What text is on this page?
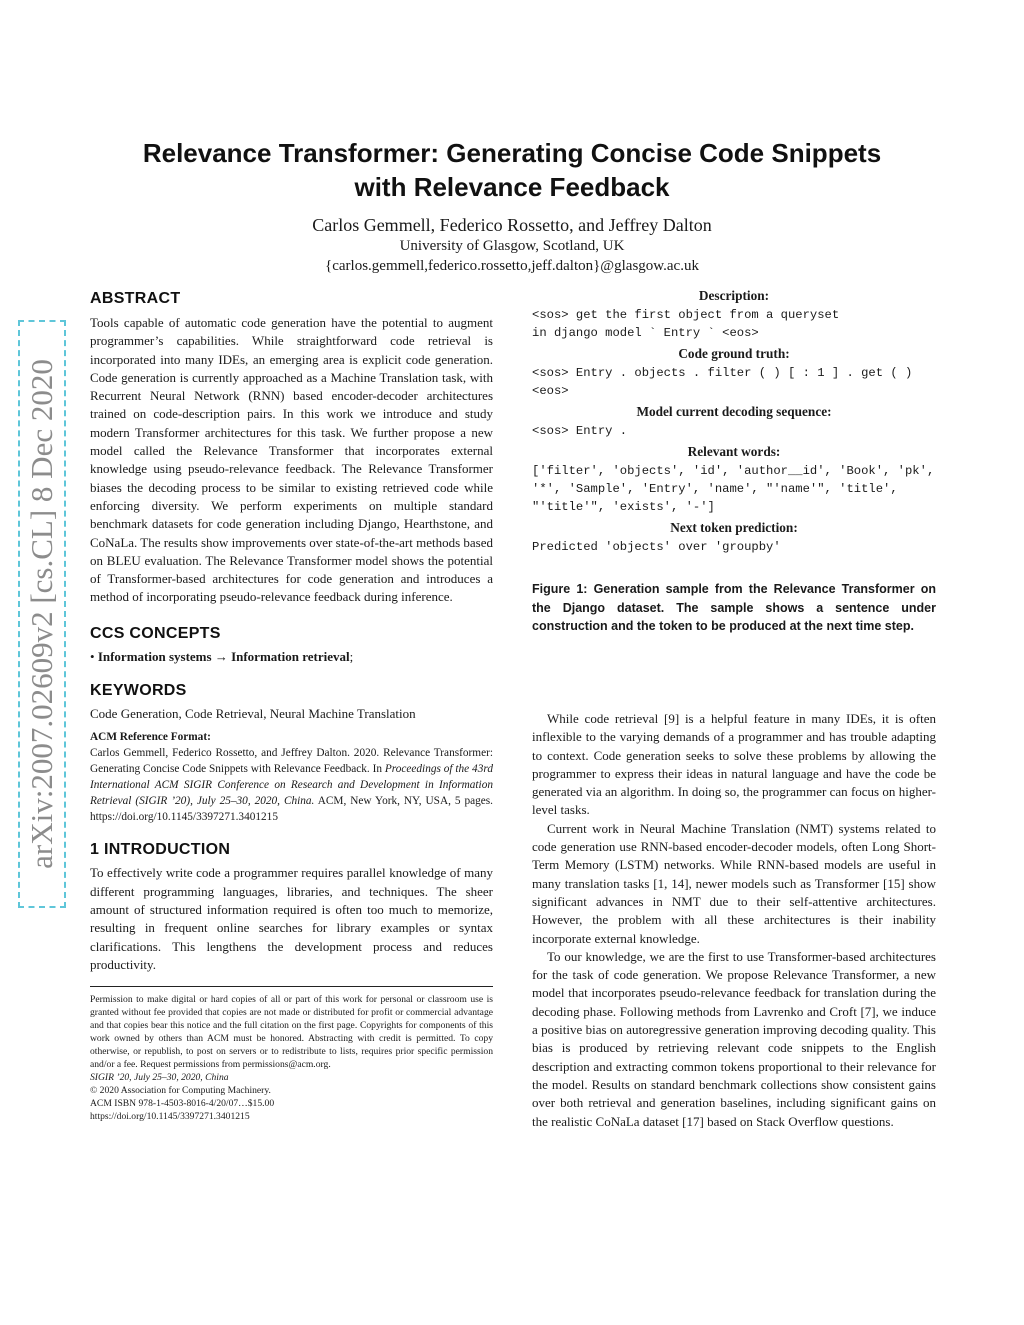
arXiv:2007.02609v2 [cs.CL] 8 Dec 2020
Relevance Transformer: Generating Concise Code Snippets
with Relevance Feedback
Carlos Gemmell, Federico Rossetto, and Jeffrey Dalton
University of Glasgow, Scotland, UK
{carlos.gemmell,federico.rossetto,jeff.dalton}@glasgow.ac.uk
ABSTRACT

Tools capable of automatic code generation have the potential to augment programmer’s capabilities. While straightforward code retrieval is incorporated into many IDEs, an emerging area is explicit code generation. Code generation is currently approached as a Machine Translation task, with Recurrent Neural Network (RNN) based encoder-decoder architectures trained on code-description pairs. In this work we introduce and study modern Transformer architectures for this task. We further propose a new model called the Relevance Transformer that incorporates external knowledge using pseudo-relevance feedback. The Relevance Transformer biases the decoding process to be similar to existing retrieved code while enforcing diversity. We perform experiments on multiple standard benchmark datasets for code generation including Django, Hearthstone, and CoNaLa. The results show improvements over state-of-the-art methods based on BLEU evaluation. The Relevance Transformer model shows the potential of Transformer-based architectures for code generation and introduces a method of incorporating pseudo-relevance feedback during inference.

CCS CONCEPTS

• Information systems → Information retrieval;

KEYWORDS

Code Generation, Code Retrieval, Neural Machine Translation

ACM Reference Format:

Carlos Gemmell, Federico Rossetto, and Jeffrey Dalton. 2020. Relevance Transformer: Generating Concise Code Snippets with Relevance Feedback. In Proceedings of the 43rd International ACM SIGIR Conference on Research and Development in Information Retrieval (SIGIR ’20), July 25–30, 2020, China. ACM, New York, NY, USA, 5 pages. https://doi.org/10.1145/3397271.3401215

1 INTRODUCTION

To effectively write code a programmer requires parallel knowledge of many different programming languages, libraries, and techniques. The sheer amount of structured information required is often too much to memorize, resulting in frequent online searches for library examples or syntax clarifications. This lengthens the development process and reduces productivity.

Permission to make digital or hard copies of all or part of this work for personal or classroom use is granted without fee provided that copies are not made or distributed for profit or commercial advantage and that copies bear this notice and the full citation on the first page. Copyrights for components of this work owned by others than ACM must be honored. Abstracting with credit is permitted. To copy otherwise, or republish, to post on servers or to redistribute to lists, requires prior specific permission and/or a fee. Request permissions from permissions@acm.org.

SIGIR ’20, July 25–30, 2020, China

© 2020 Association for Computing Machinery.

ACM ISBN 978-1-4503-8016-4/20/07…$15.00

https://doi.org/10.1145/3397271.3401215

Description:
<sos> get the first object from a queryset
in django model ` Entry ` <eos>
Code ground truth:
<sos> Entry . objects . filter ( ) [ : 1 ] . get ( ) <eos>
Model current decoding sequence:
<sos> Entry .
Relevant words:
['filter', 'objects', 'id', 'author__id', 'Book', 'pk',
'*', 'Sample', 'Entry', 'name', "'name'", 'title',
"'title'", 'exists', '-']
Next token prediction:
Predicted 'objects' over 'groupby'

Figure 1: Generation sample from the Relevance Transformer on the Django dataset. The sample shows a sentence under construction and the token to be produced at the next time step.

While code retrieval [9] is a helpful feature in many IDEs, it is often inflexible to the varying demands of a programmer and has trouble adapting to context. Code generation seeks to solve these problems by allowing the programmer to express their ideas in natural language and have the code be generated via an algorithm. In doing so, the programmer can focus on higher-level tasks.

Current work in Neural Machine Translation (NMT) systems related to code generation use RNN-based encoder-decoder models, often Long Short-Term Memory (LSTM) networks. While RNN-based models are useful in many translation tasks [1, 14], newer models such as Transformer [15] show significant advances in NMT due to their self-attentive architectures. However, the problem with all these architectures is their inability incorporate external knowledge.

To our knowledge, we are the first to use Transformer-based architectures for the task of code generation. We propose Relevance Transformer, a new model that incorporates pseudo-relevance feedback for translation during the decoding phase. Following methods from Lavrenko and Croft [7], we induce a positive bias on autoregressive generation improving decoding quality. This bias is produced by retrieving relevant code snippets to the English description and extracting common tokens proportional to their relevance for the model. Results on standard benchmark collections show consistent gains over both retrieval and generation baselines, including significant gains on the realistic CoNaLa dataset [17] based on Stack Overflow questions.
